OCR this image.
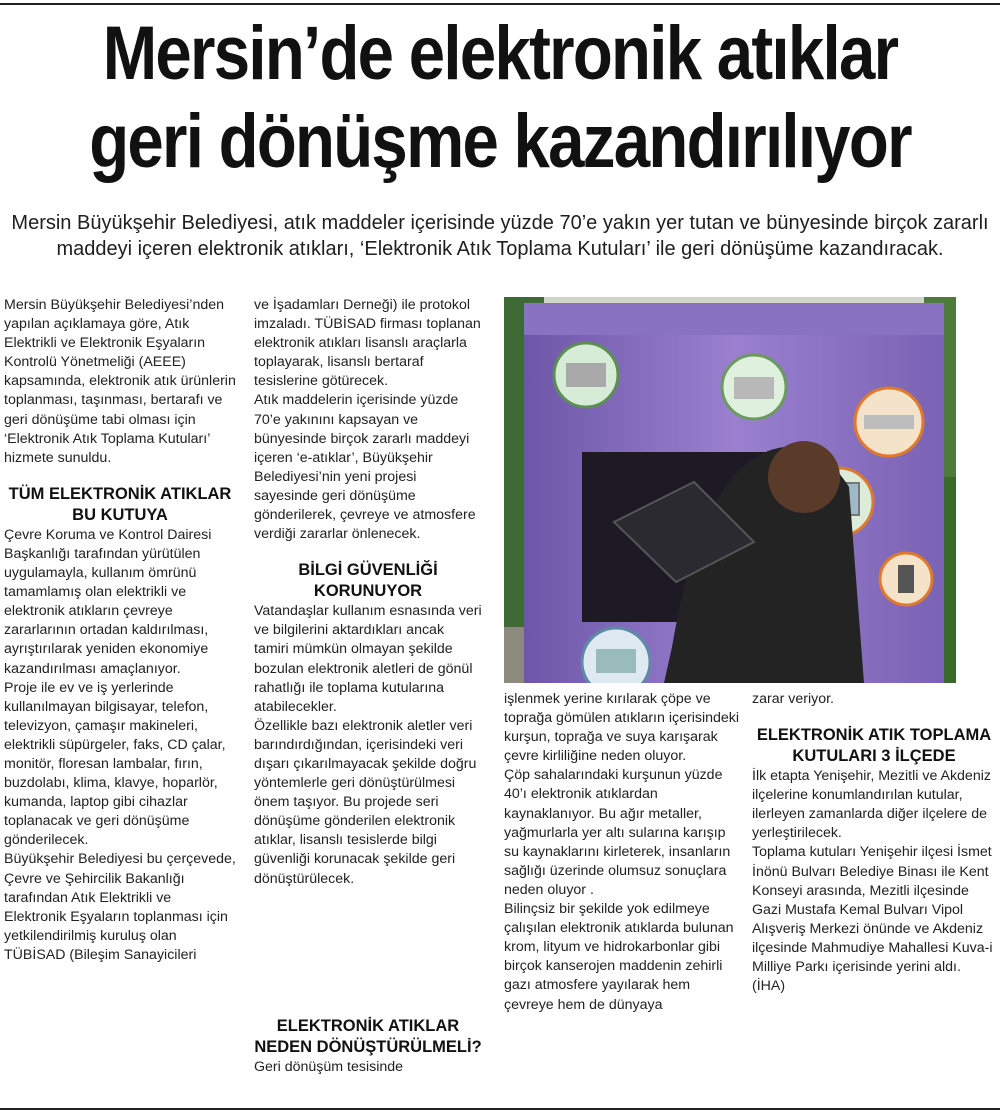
Mersin’de elektronik atıklar
geri dönüşme kazandırılıyor

Mersin Büyükşehir Belediyesi, atık maddeler içerisinde yüzde 70’e yakın yer tutan ve bünyesinde birçok zararlı maddeyi içeren elektronik atıkları, ‘Elektronik Atık Toplama Kutuları’ ile geri dönüşüme kazandıracak.

Mersin Büyükşehir Belediyesi’nden yapılan açıklamaya göre, Atık Elektrikli ve Elektronik Eşyaların Kontrolü Yönetmeliği (AEEE) kapsamında, elektronik atık ürünlerin toplanması, taşınması, bertarafı ve geri dönüşüme tabi olması için ‘Elektronik Atık Toplama Kutuları’ hizmete sunuldu.

TÜM ELEKTRONİK ATIKLAR BU KUTUYA

Çevre Koruma ve Kontrol Dairesi Başkanlığı tarafından yürütülen uygulamayla, kullanım ömrünü tamamlamış olan elektrikli ve elektronik atıkların çevreye zararlarının ortadan kaldırılması, ayrıştırılarak yeniden ekonomiye kazandırılması amaçlanıyor.

Proje ile ev ve iş yerlerinde kullanılmayan bilgisayar, telefon, televizyon, çamaşır makineleri, elektrikli süpürgeler, faks, CD çalar, monitör, floresan lambalar, fırın, buzdolabı, klima, klavye, hoparlör, kumanda, laptop gibi cihazlar toplanacak ve geri dönüşüme gönderilecek.

Büyükşehir Belediyesi bu çerçevede, Çevre ve Şehircilik Bakanlığı tarafından Atık Elektrikli ve Elektronik Eşyaların toplanması için yetkilendirilmiş kuruluş olan TÜBİSAD (Bileşim Sanayicileri

ve İşadamları Derneği) ile protokol imzaladı. TÜBİSAD firması toplanan elektronik atıkları lisanslı araçlarla toplayarak, lisanslı bertaraf tesislerine götürecek.

Atık maddelerin içerisinde yüzde 70’e yakınını kapsayan ve bünyesinde birçok zararlı maddeyi içeren ‘e-atıklar’, Büyükşehir Belediyesi’nin yeni projesi sayesinde geri dönüşüme gönderilerek, çevreye ve atmosfere verdiği zararlar önlenecek.

BİLGİ GÜVENLİĞİ KORUNUYOR

Vatandaşlar kullanım esnasında veri ve bilgilerini aktardıkları ancak tamiri mümkün olmayan şekilde bozulan elektronik aletleri de gönül rahatlığı ile toplama kutularına atabilecekler.

Özellikle bazı elektronik aletler veri barındırdığından, içerisindeki veri dışarı çıkarılmayacak şekilde doğru yöntemlerle geri dönüştürülmesi önem taşıyor. Bu projede seri dönüşüme gönderilen elektronik atıklar, lisanslı tesislerde bilgi güvenliği korunacak şekilde geri dönüştürülecek.

ELEKTRONİK ATIKLAR NEDEN DÖNÜŞTÜRÜLMELİ?

Geri dönüşüm tesisinde

işlenmek yerine kırılarak çöpe ve toprağa gömülen atıkların içerisindeki kurşun, toprağa ve suya karışarak çevre kirliliğine neden oluyor.

Çöp sahalarındaki kurşunun yüzde 40’ı elektronik atıklardan kaynaklanıyor. Bu ağır metaller, yağmurlarla yer altı sularına karışıp su kaynaklarını kirleterek, insanların sağlığı üzerinde olumsuz sonuçlara neden oluyor .

Bilinçsiz bir şekilde yok edilmeye çalışılan elektronik atıklarda bulunan krom, lityum ve hidrokarbonlar gibi birçok kanserojen maddenin zehirli gazı atmosfere yayılarak hem çevreye hem de dünyaya

zarar veriyor.

ELEKTRONİK ATIK TOPLAMA KUTULARI 3 İLÇEDE

İlk etapta Yenişehir, Mezitli ve Akdeniz ilçelerine konumlandırılan kutular, ilerleyen zamanlarda diğer ilçelere de yerleştirilecek.

Toplama kutuları Yenişehir ilçesi İsmet İnönü Bulvarı Belediye Binası ile Kent Konseyi arasında, Mezitli ilçesinde Gazi Mustafa Kemal Bulvarı Vipol Alışveriş Merkezi önünde ve Akdeniz ilçesinde Mahmudiye Mahallesi Kuva-i Milliye Parkı içerisinde yerini aldı.

(İHA)
